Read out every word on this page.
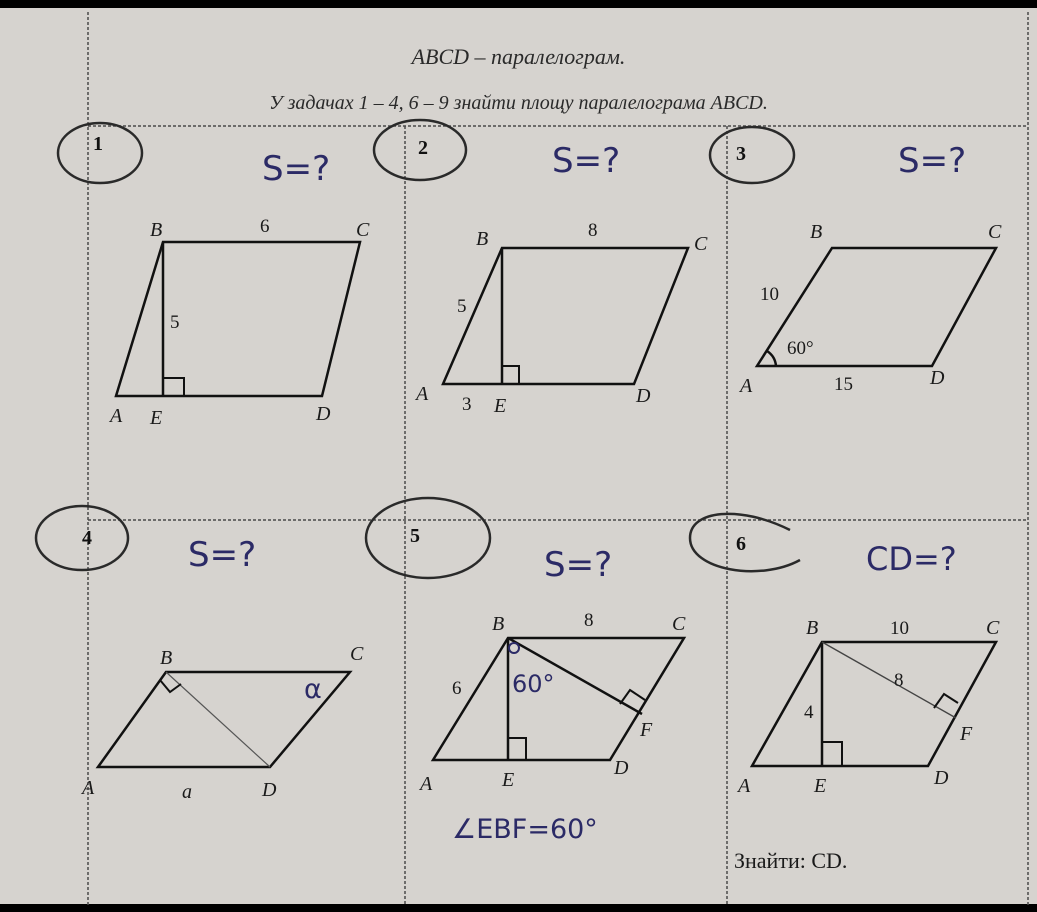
ABCD – паралелограм.
У задачах 1 – 4, 6 – 9 знайти площу паралелограма ABCD.
1
S=?
B	C
A E	D
6
5
2	S=?
B	C
A
E	D
8
5
3
3	S=?
B	C
A	D
10
60°
15
4	S=?
B	C
A	D
a
α
5
S=?
B	C
A	E
D
F
8
6 60°
∠EBF=60°
6	CD=?
B	C
A	E	D
F
10
8
4
Знайти: CD.
